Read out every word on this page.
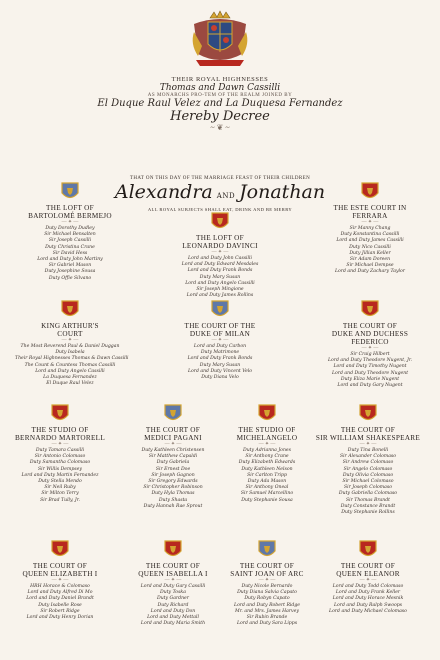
THEIR ROYAL HIGHNESSES
Thomas and Dawn Cassilli
AS MONARCHS PRO-TEM OF THE REALM JOINED BY
El Duque Raul Velez and La Duquesa Fernandez
Hereby Decree
~ ❦ ~
THAT ON THIS DAY OF THE MARRIAGE FEAST OF THEIR CHILDREN
Alexandra AND Jonathan
ALL ROYAL SUBJECTS SHALL EAT, DRINK AND BE MERRY
THE LOFT OF
BARTOLOMÉ BERMEJO
— ✦ —
Duty Dorothy Dudley
Sir Michael Bensalten
Sir Joseph Cassilli
Duty Christina Crane
Sir David Hess
Lord and Duty John Martiny
Sir Gabriel Mason
Duty Josephine Sousa
Duty Offie Silvano
THE LOFT OF
LEONARDO DAVINCI
— ✦ —
Lord and Duty John Cassilli
Lord and Duty Edward Mesdales
Lord and Duty Frank Bonds
Duty Mary Susan
Lord and Duty Angelo Cassilli
Sir Joseph Mingione
Lord and Duty James Rollins
THE ESTE COURT IN
FERRARA
— ✦ —
Sir Manny Chang
Duty Konstantina Cassilli
Lord and Duty James Cassilli
Duty Nico Cassilli
Duty Jillian Keller
Sir Adam Doreen
Sir Michael Dempse
Lord and Duty Zachary Taylor
KING ARTHUR'S
COURT
— ✦ —
The Most Reverend Paul & Daniel Duggan
Duty Isabela
Their Royal Highnesses Thomas & Dawn Cassilli
The Count & Countess Thomas Cassilli
Lord and Duty Angelo Cassilli
La Duquesa Fernandez
El Duque Raul Velez
THE COURT OF THE
DUKE OF MILAN
— ✦ —
Lord and Duty Carbon
Duty Matrimone
Lord and Duty Frank Bonds
Duty Mary Susan
Lord and Duty Vincent Velo
Duty Diana Velo
THE COURT OF
DUKE AND DUCHESS FEDERICO
— ✦ —
Sir Craig Hilbert
Lord and Duty Theodore Nugent, Jr.
Lord and Duty Timothy Nugent
Lord and Duty Theodore Nugent
Duty Eliza Marie Nugent
Lord and Duty Gary Nugent
THE STUDIO OF
BERNARDO MARTORELL
— ✦ —
Duty Tamara Cassilli
Sir Antonio Colomaso
Duty Samantha Colomaso
Sir Willis Dempsey
Lord and Duty Martin Fernandez
Duty Stella Mendo
Sir Neil Ruby
Sir Milton Terry
Sir Brad Tully, Jr.
THE COURT OF
MEDICI PAGANI
— ✦ —
Duty Kathleen Christensen
Sir Matthew Capaldi
Duty Gabriela
Sir Ernest Doe
Sir Joseph Gagnon
Sir Gregory Edwards
Sir Christopher Robinson
Duty Hyla Thomas
Duty Shasta
Duty Hannah Rae Sprout
THE STUDIO OF
MICHELANGELO
— ✦ —
Duty Adrianna Jones
Sir Anthony Crane
Duty Elizabeth Edwards
Duty Kathleen Nelson
Sir Carlton Tripp
Duty Ada Mason
Sir Anthony Oneal
Sir Samuel Marcellino
Duty Stephanie Sousa
THE COURT OF
SIR WILLIAM SHAKESPEARE
— ✦ —
Duty Tina Bonelli
Sir Alexander Colomaso
Sir Andrew Colomaso
Sir Angelo Colomaso
Duty Olivia Colomaso
Sir Michael Colomaso
Sir Joseph Colomaso
Duty Gabriella Colomaso
Sir Thomas Brandt
Duty Constance Brandt
Duty Stephanie Rollins
THE COURT OF
QUEEN ELIZABETH I
— ✦ —
HRH Horace & Colomaso
Lord and Duty Alfred Di Mo
Lord and Duty Daniel Brandt
Duty Isabelle Rose
Sir Robert Ridge
Lord and Duty Henry Dorian
THE COURT OF
QUEEN ISABELLA I
— ✦ —
Lord and Duty Gary Cassilli
Duty Toska
Duty Gardner
Duty Richard
Lord and Duty Don
Lord and Duty Mettall
Lord and Duty Maria Smith
THE COURT OF
SAINT JOAN OF ARC
— ✦ —
Duty Nicole Bernardo
Duty Diana Salvia Capato
Duty Robyn Capato
Lord and Duty Robert Ridge
Mr. and Mrs. James Harvey
Sir Rubin Brande
Lord and Duty Sara Lipps
THE COURT OF
QUEEN ELEANOR
— ✦ —
Lord and Duty Todd Colomaso
Lord and Duty Frank Keller
Lord and Duty Horace Mesnik
Lord and Duty Ralph Swoops
Lord and Duty Michael Colomaso
